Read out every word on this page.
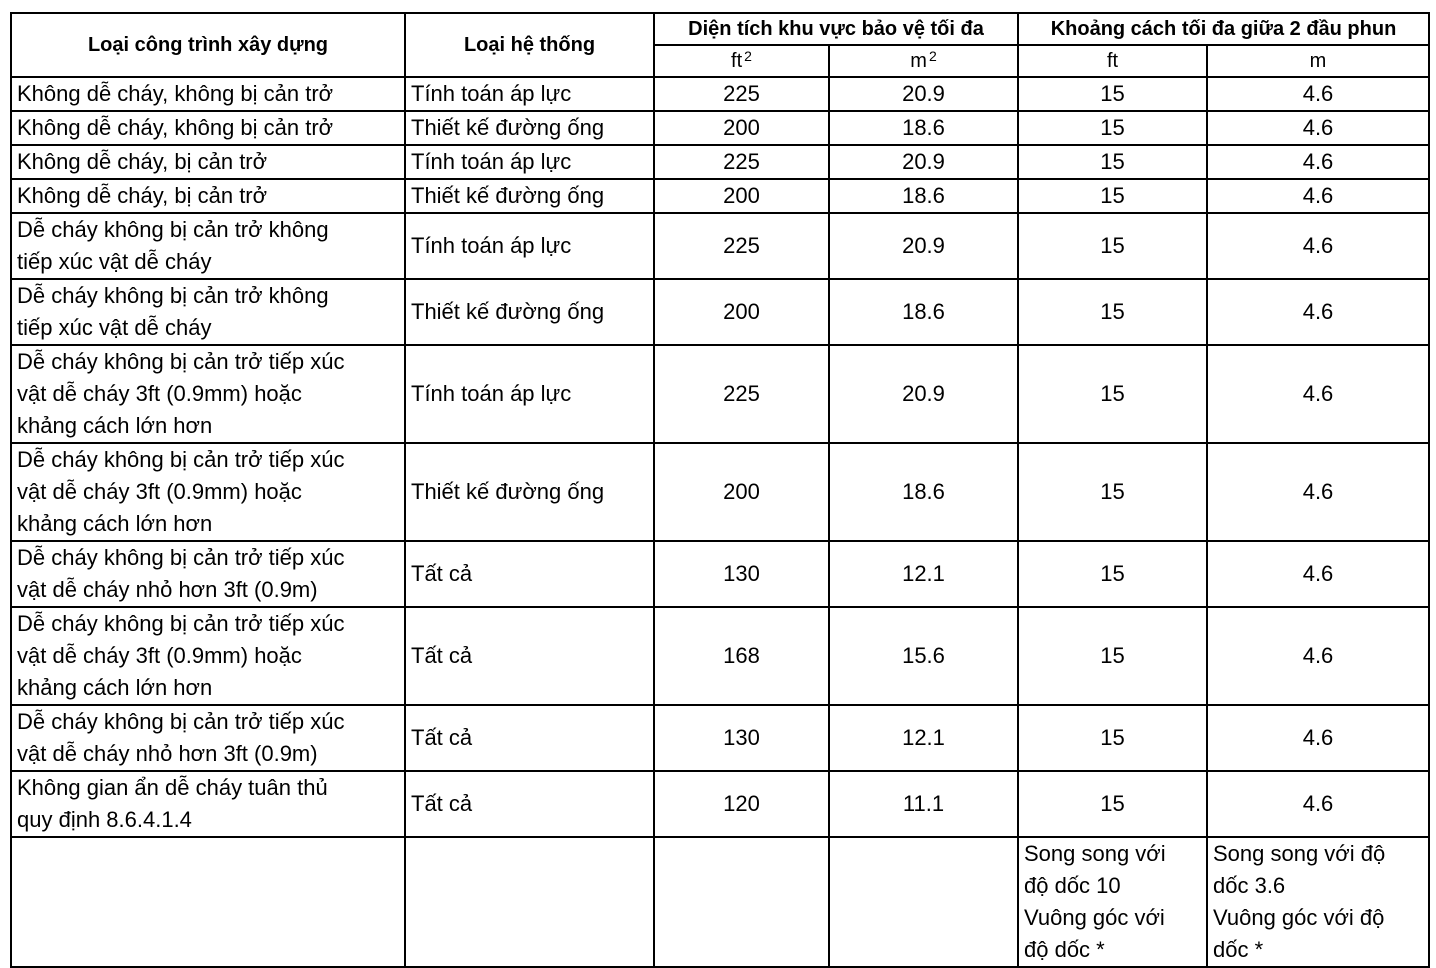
Loại công trình xây dựng	Loại hệ thống	Diện tích khu vực bảo vệ tối đa		Khoảng cách tối đa giữa 2 đầu phun	
		ft $^2$	m $^2$	ft	m

Không dễ cháy, không bị cản trở	Tính toán áp lực	225	20.9	15	4.6

Không dễ cháy, không bị cản trở	Thiết kế đường ống	200	18.6	15	4.6

Không dễ cháy, bị cản trở	Tính toán áp lực	225	20.9	15	4.6

Không dễ cháy, bị cản trở	Thiết kế đường ống	200	18.6	15	4.6

Dễ cháy không bị cản trở không
tiếp xúc vật dễ cháy	Tính toán áp lực	225	20.9	15	4.6

Dễ cháy không bị cản trở không
tiếp xúc vật dễ cháy	Thiết kế đường ống	200	18.6	15	4.6

Dễ cháy không bị cản trở tiếp xúc
vật dễ cháy 3ft (0.9mm) hoặc
khảng cách lớn hơn	Tính toán áp lực	225	20.9	15	4.6

Dễ cháy không bị cản trở tiếp xúc
vật dễ cháy 3ft (0.9mm) hoặc
khảng cách lớn hơn	Thiết kế đường ống	200	18.6	15	4.6

Dễ cháy không bị cản trở tiếp xúc
vật dễ cháy nhỏ hơn 3ft (0.9m)	Tất cả	130	12.1	15	4.6

Dễ cháy không bị cản trở tiếp xúc
vật dễ cháy 3ft (0.9mm) hoặc
khảng cách lớn hơn	Tất cả	168	15.6	15	4.6

Dễ cháy không bị cản trở tiếp xúc
vật dễ cháy nhỏ hơn 3ft (0.9m)	Tất cả	130	12.1	15	4.6

Không gian ẩn dễ cháy tuân thủ
quy định 8.6.4.1.4	Tất cả	120	11.1	15	4.6

				Song song với
độ dốc 10
Vuông góc với
độ dốc *	Song song với độ
dốc 3.6
Vuông góc với độ
dốc *
